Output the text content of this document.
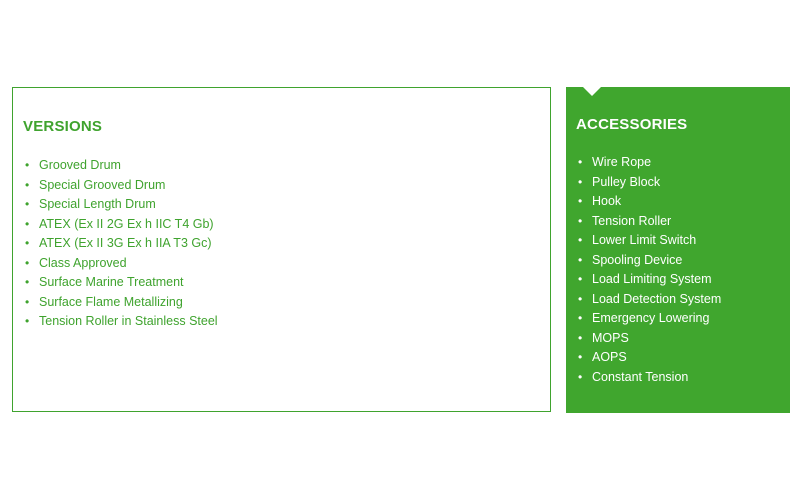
VERSIONS
• Grooved Drum
• Special Grooved Drum
• Special Length Drum
• ATEX (Ex II 2G Ex h IIC T4 Gb)
• ATEX (Ex II 3G Ex h IIA T3 Gc)
• Class Approved
• Surface Marine Treatment
• Surface Flame Metallizing
• Tension Roller in Stainless Steel
ACCESSORIES
• Wire Rope
• Pulley Block
• Hook
• Tension Roller
• Lower Limit Switch
• Spooling Device
• Load Limiting System
• Load Detection System
• Emergency Lowering
• MOPS
• AOPS
• Constant Tension
